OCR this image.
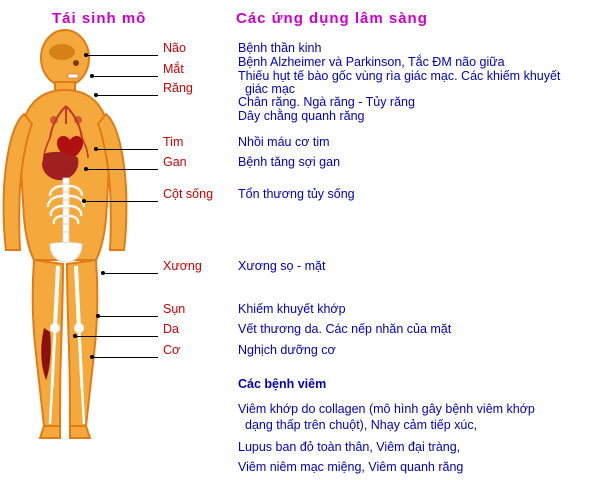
Tái sinh mô	Các ứng dụng lâm sàng
Não
Mắt
Răng
Tim
Gan
Cột sống
Xương
Sụn
Da
Cơ
Bệnh thần kinh
Bệnh Alzheimer và Parkinson, Tắc ĐM não giữa
Thiếu hụt tế bào gốc vùng rìa giác mạc. Các khiếm khuyết
giác mạc
Chân răng. Ngà răng - Tủy răng
Dây chằng quanh răng
Nhồi máu cơ tim
Bệnh tăng sợi gan
Tổn thương tủy sống
Xương sọ - mặt
Khiếm khuyết khớp
Vết thương da. Các nếp nhăn của mặt
Nghịch dưỡng cơ
Các bệnh viêm
Viêm khớp do collagen (mô hình gây bệnh viêm khớp
dạng thấp trên chuột), Nhạy cảm tiếp xúc,
Lupus ban đỏ toàn thân, Viêm đại tràng,
Viêm niêm mạc miệng, Viêm quanh răng
